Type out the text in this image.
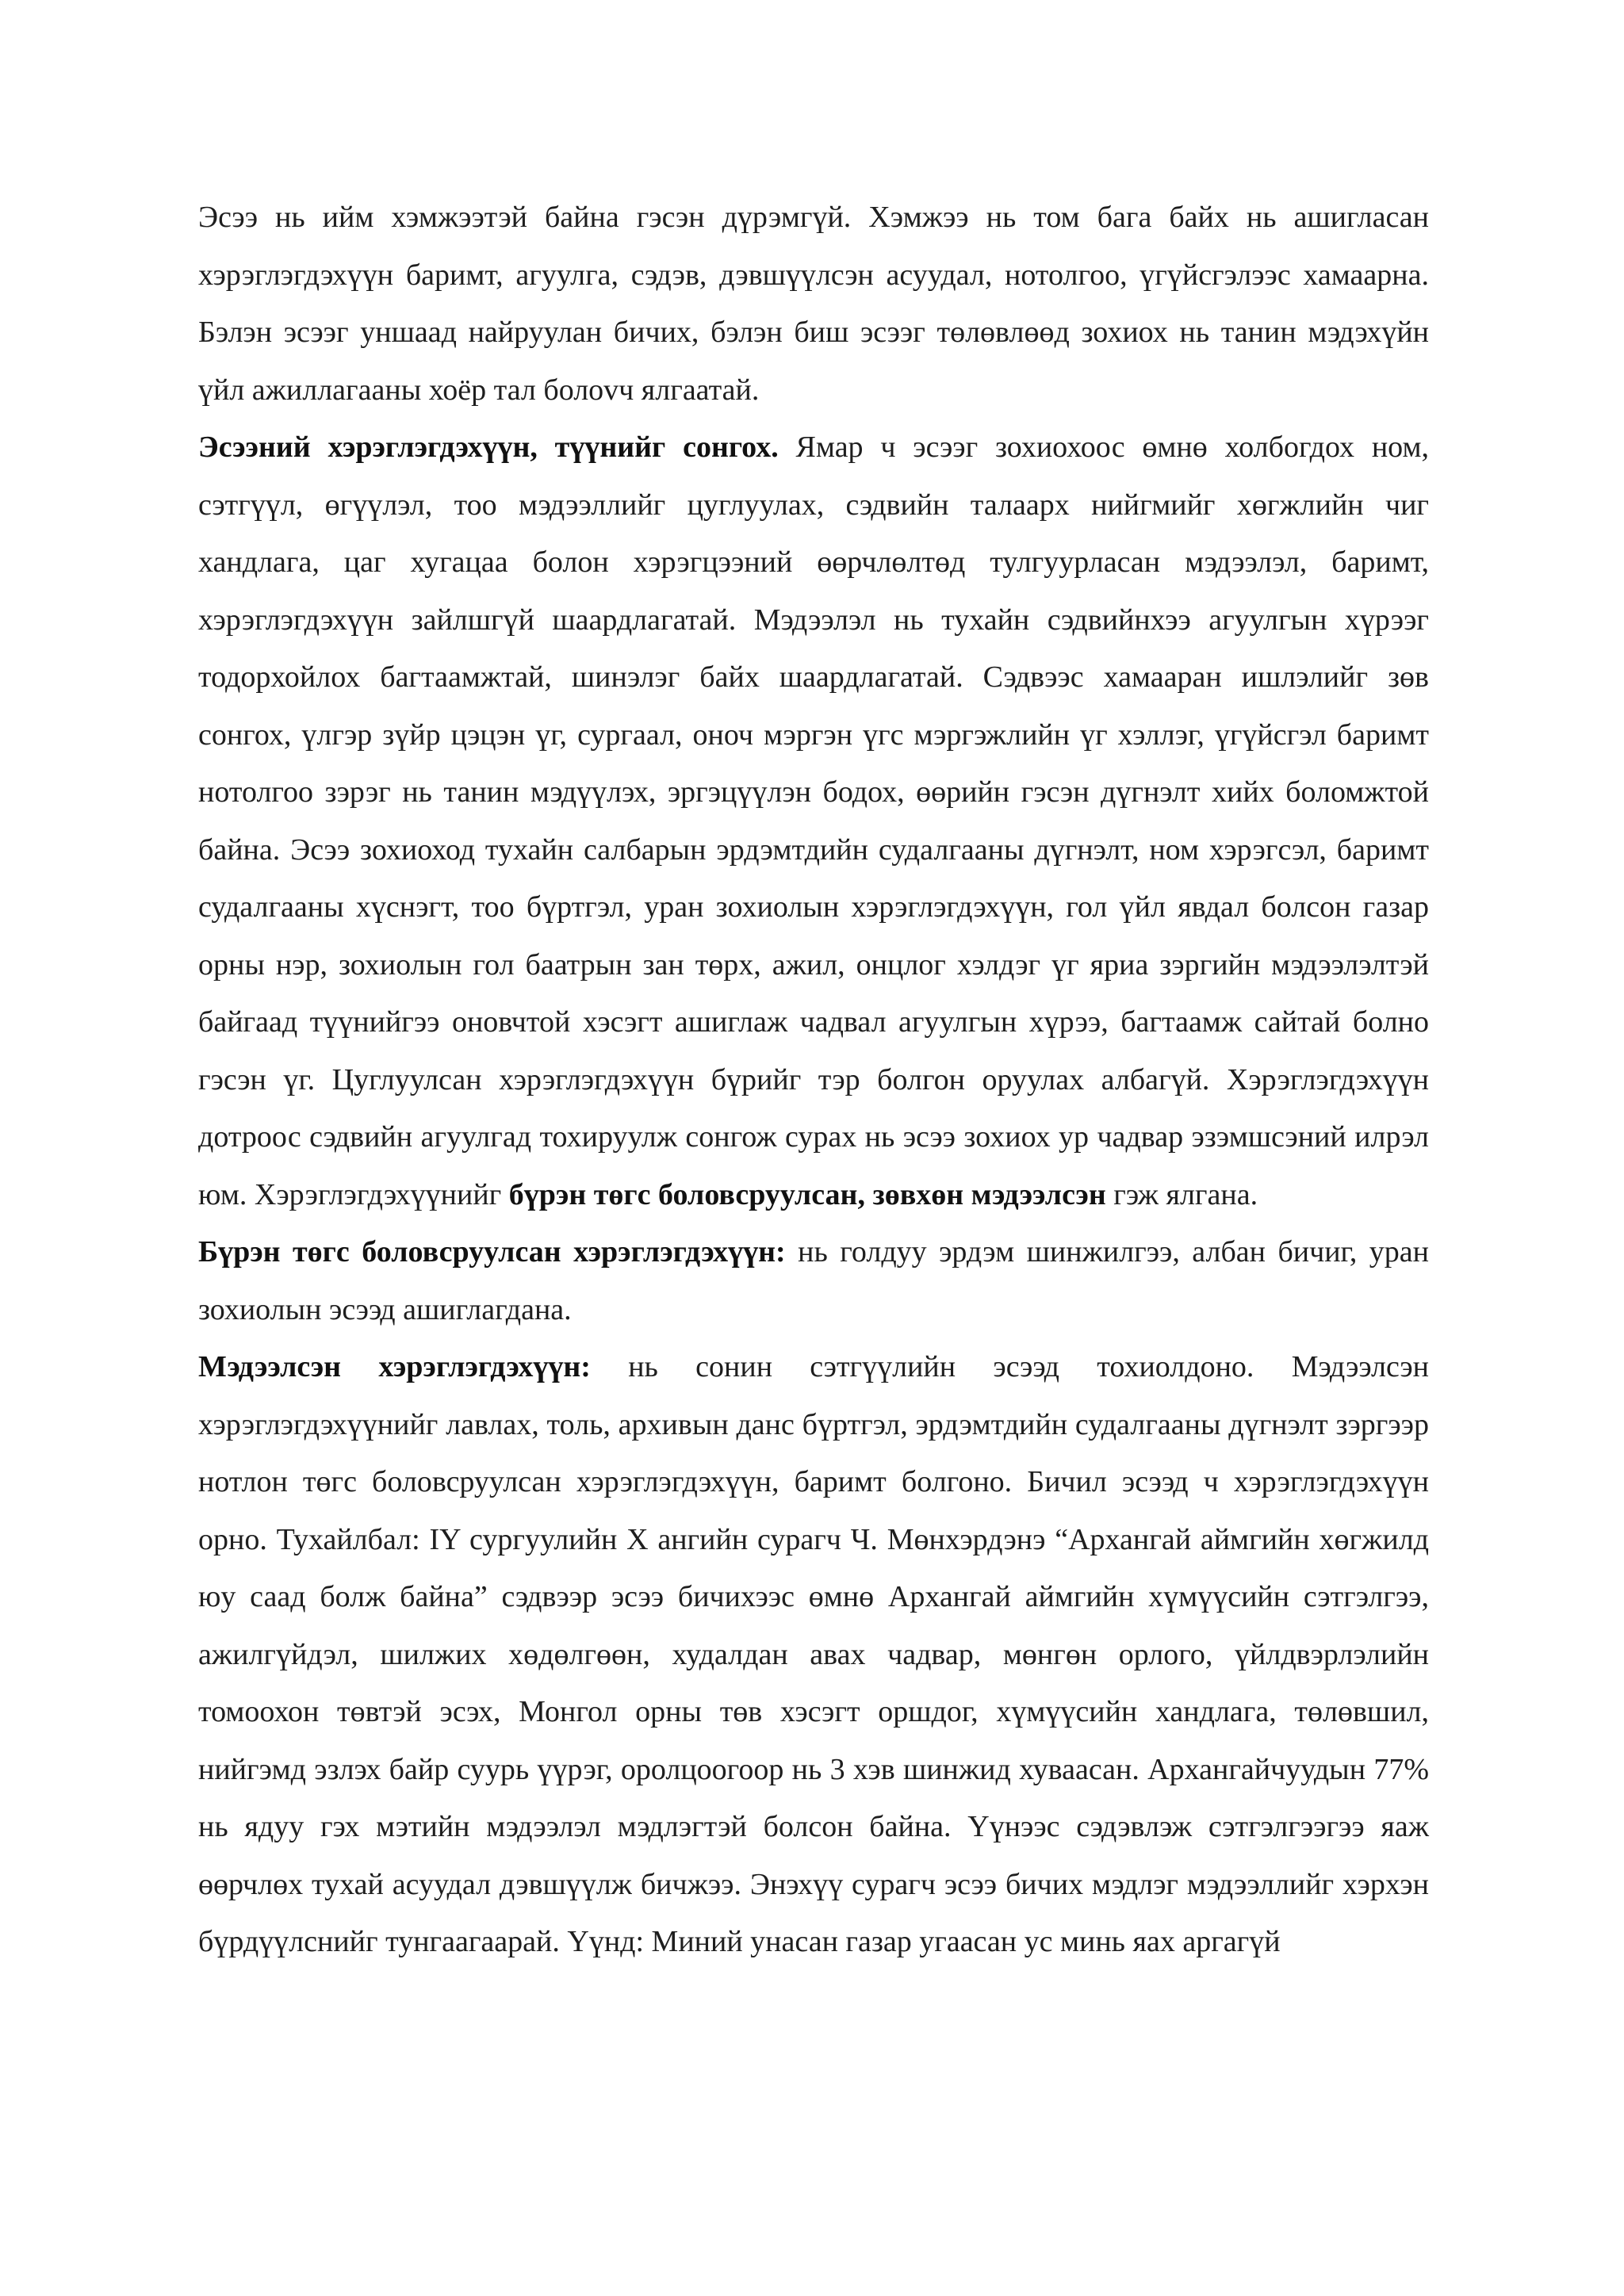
Эсээ нь ийм хэмжээтэй байна гэсэн дүрэмгүй. Хэмжээ нь том бага байх нь ашигласан хэрэглэгдэхүүн баримт, агуулга, сэдэв, дэвшүүлсэн асуудал, нотолгоо, үгүйсгэлээс хамаарна. Бэлэн эсээг уншаад найруулан бичих, бэлэн биш эсээг төлөвлөөд зохиох нь танин мэдэхүйн үйл ажиллагааны хоёр тал болovч ялгаатай.

Эсээний хэрэглэгдэхүүн, түүнийг сонгох. Ямар ч эсээг зохиохоос өмнө холбогдох ном, сэтгүүл, өгүүлэл, тоо мэдээллийг цуглуулах, сэдвийн талаарх нийгмийг хөгжлийн чиг хандлага, цаг хугацаа болон хэрэгцээний өөрчлөлтөд тулгуурласан мэдээлэл, баримт, хэрэглэгдэхүүн зайлшгүй шаардлагатай. Мэдээлэл нь тухайн сэдвийнхээ агуулгын хүрээг тодорхойлох багтаамжтай, шинэлэг байх шаардлагатай. Сэдвээс хамааран ишлэлийг зөв сонгох, үлгэр зүйр цэцэн үг, сургаал, оноч мэргэн үгс мэргэжлийн үг хэллэг, үгүйсгэл баримт нотолгоо зэрэг нь танин мэдүүлэх, эргэцүүлэн бодох, өөрийн гэсэн дүгнэлт хийх боломжтой байна. Эсээ зохиоход тухайн салбарын эрдэмтдийн судалгааны дүгнэлт, ном хэрэгсэл, баримт судалгааны хүснэгт, тоо бүртгэл, уран зохиолын хэрэглэгдэхүүн, гол үйл явдал болсон газар орны нэр, зохиолын гол баатрын зан төрх, ажил, онцлог хэлдэг үг яриа зэргийн мэдээлэлтэй байгаад түүнийгээ оновчтой хэсэгт ашиглаж чадвал агуулгын хүрээ, багтаамж сайтай болно гэсэн үг. Цуглуулсан хэрэглэгдэхүүн бүрийг тэр болгон оруулах албагүй. Хэрэглэгдэхүүн дотроос сэдвийн агуулгад тохируулж сонгож сурах нь эсээ зохиох ур чадвар эзэмшсэний илрэл юм. Хэрэглэгдэхүүнийг бүрэн төгс боловсруулсан, зөвхөн мэдээлсэн гэж ялгана.

Бүрэн төгс боловсруулсан хэрэглэгдэхүүн: нь голдуу эрдэм шинжилгээ, албан бичиг, уран зохиолын эсээд ашиглагдана.

Мэдээлсэн хэрэглэгдэхүүн: нь сонин сэтгүүлийн эсээд тохиолдоно. Мэдээлсэн хэрэглэгдэхүүнийг лавлах, толь, архивын данс бүртгэл, эрдэмтдийн судалгааны дүгнэлт зэргээр нотлон төгс боловсруулсан хэрэглэгдэхүүн, баримт болгоно. Бичил эсээд ч хэрэглэгдэхүүн орно. Тухайлбал: IY сургуулийн X ангийн сурагч Ч. Мөнхэрдэнэ “Архангай аймгийн хөгжилд юу саад болж байна” сэдвээр эсээ бичихээс өмнө Архангай аймгийн хүмүүсийн сэтгэлгээ, ажилгүйдэл, шилжих хөдөлгөөн, худалдан авах чадвар, мөнгөн орлого, үйлдвэрлэлийн томоохон төвтэй эсэх, Монгол орны төв хэсэгт оршдог, хүмүүсийн хандлага, төлөвшил, нийгэмд эзлэх байр суурь үүрэг, оролцоогоор нь 3 хэв шинжид хуваасан. Архангайчуудын 77% нь ядуу гэх мэтийн мэдээлэл мэдлэгтэй болсон байна. Үүнээс сэдэвлэж сэтгэлгээгээ яаж өөрчлөх тухай асуудал дэвшүүлж бичжээ. Энэхүү сурагч эсээ бичих мэдлэг мэдээллийг хэрхэн бүрдүүлснийг тунгаагаарай. Үүнд: Миний унасан газар угаасан ус минь яах аргагүй
